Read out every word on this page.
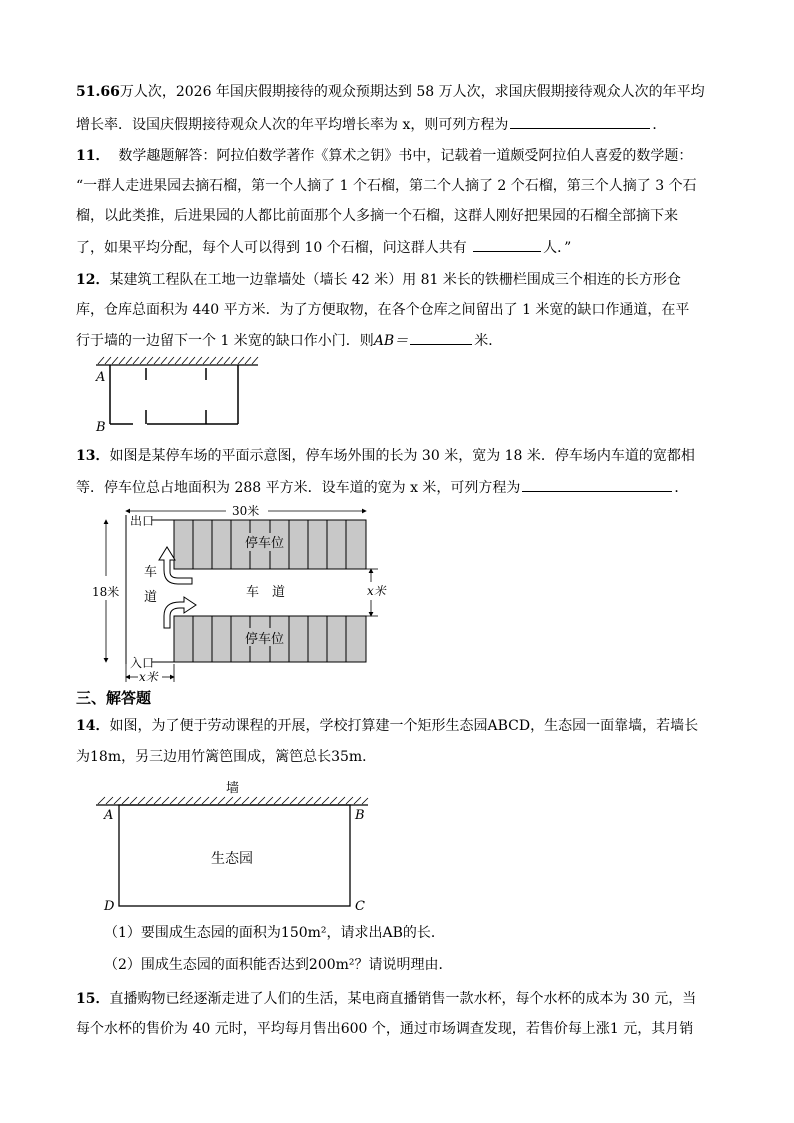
51.66万人次，2026 年国庆假期接待的观众预期达到 58 万人次，求国庆假期接待观众人次的年平均
增长率．设国庆假期接待观众人次的年平均增长率为 x，则可列方程为	．
11． 数学趣题解答：阿拉伯数学著作《算术之钥》书中，记载着一道颇受阿拉伯人喜爱的数学题：
“一群人走进果园去摘石榴，第一个人摘了 1 个石榴，第二个人摘了 2 个石榴，第三个人摘了 3 个石
榴，以此类推，后进果园的人都比前面那个人多摘一个石榴，这群人刚好把果园的石榴全部摘下来
了，如果平均分配，每个人可以得到 10 个石榴，问这群人共有	人．”
12．某建筑工程队在工地一边靠墙处（墙长 42 米）用 81 米长的铁栅栏围成三个相连的长方形仓
库，仓库总面积为 440 平方米．为了方便取物，在各个仓库之间留出了 1 米宽的缺口作通道，在平
行于墙的一边留下一个 1 米宽的缺口作小门．则AB＝	米．
A
B
13．如图是某停车场的平面示意图，停车场外围的长为 30 米，宽为 18 米．停车场内车道的宽都相
等．停车位总占地面积为 288 平方米．设车道的宽为 x 米，可列方程为	．
30米
18米
停车位
停车位
出口
入口
车
道	车　道	x米
x米
三、解答题
14．如图，为了便于劳动课程的开展，学校打算建一个矩形生态园ABCD，生态园一面靠墙，若墙长
为18m，另三边用竹篱笆围成，篱笆总长35m．
墙
A	B
C
D
生态园
（1）要围成生态园的面积为150m²，请求出AB的长．
（2）围成生态园的面积能否达到200m²？请说明理由．
15．直播购物已经逐渐走进了人们的生活，某电商直播销售一款水杯，每个水杯的成本为 30 元，当
每个水杯的售价为 40 元时，平均每月售出600 个，通过市场调查发现，若售价每上涨1 元，其月销
